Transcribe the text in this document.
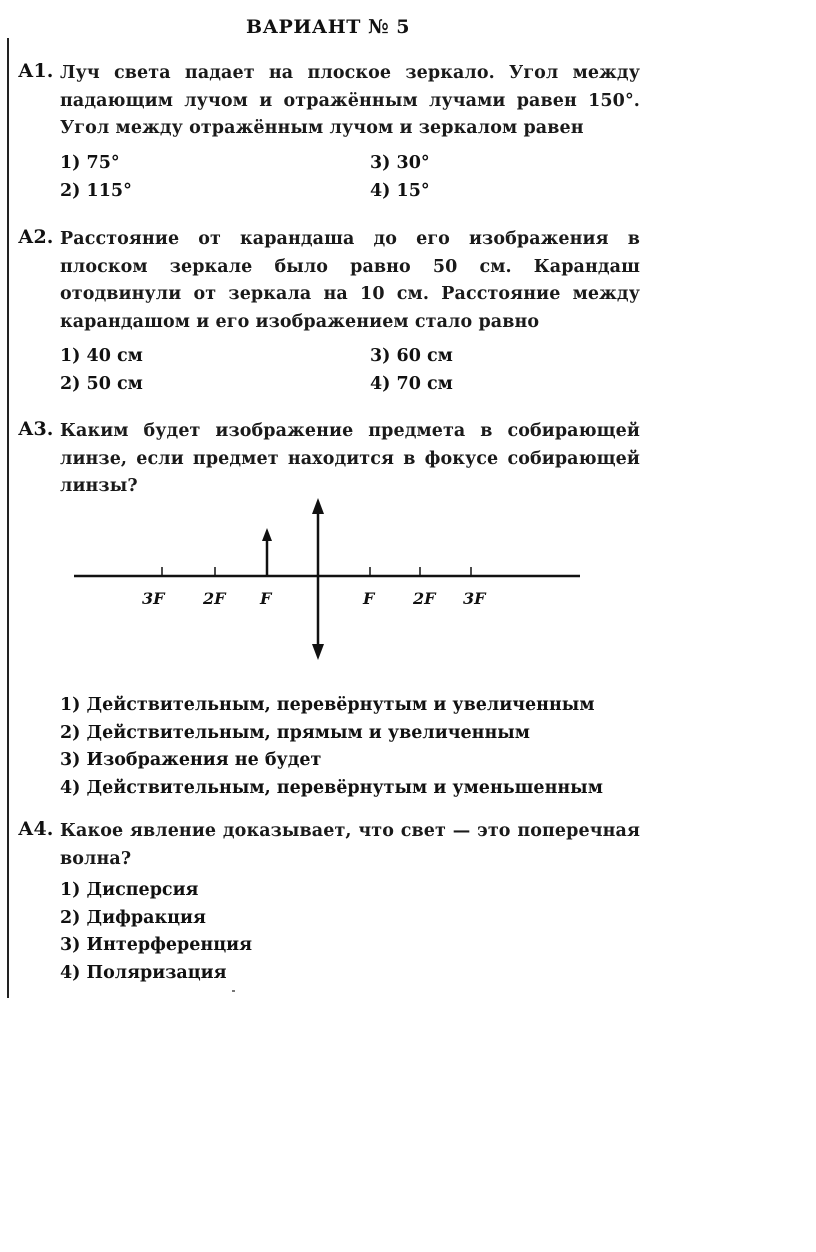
ВАРИАНТ № 5
А1. Луч света падает на плоское зеркало. Угол между падающим лучом и отражённым лучами равен 150°. Угол между отражённым лучом и зеркалом равен
1) 75°	3) 30°
2) 115°	4) 15°
А2. Расстояние от карандаша до его изображения в плоском зеркале было равно 50 см. Карандаш отодвинули от зеркала на 10 см. Расстояние между карандашом и его изображением стало равно
1) 40 см	3) 60 см
2) 50 см	4) 70 см
А3. Каким будет изображение предмета в собирающей линзе, если предмет находится в фокусе собирающей линзы?
3F 2F F	F 2F 3F
1) Действительным, перевёрнутым и увеличенным
2) Действительным, прямым и увеличенным
3) Изображения не будет
4) Действительным, перевёрнутым и уменьшенным
А4. Какое явление доказывает, что свет — это поперечная волна?
1) Дисперсия
2) Дифракция
3) Интерференция
4) Поляризация
